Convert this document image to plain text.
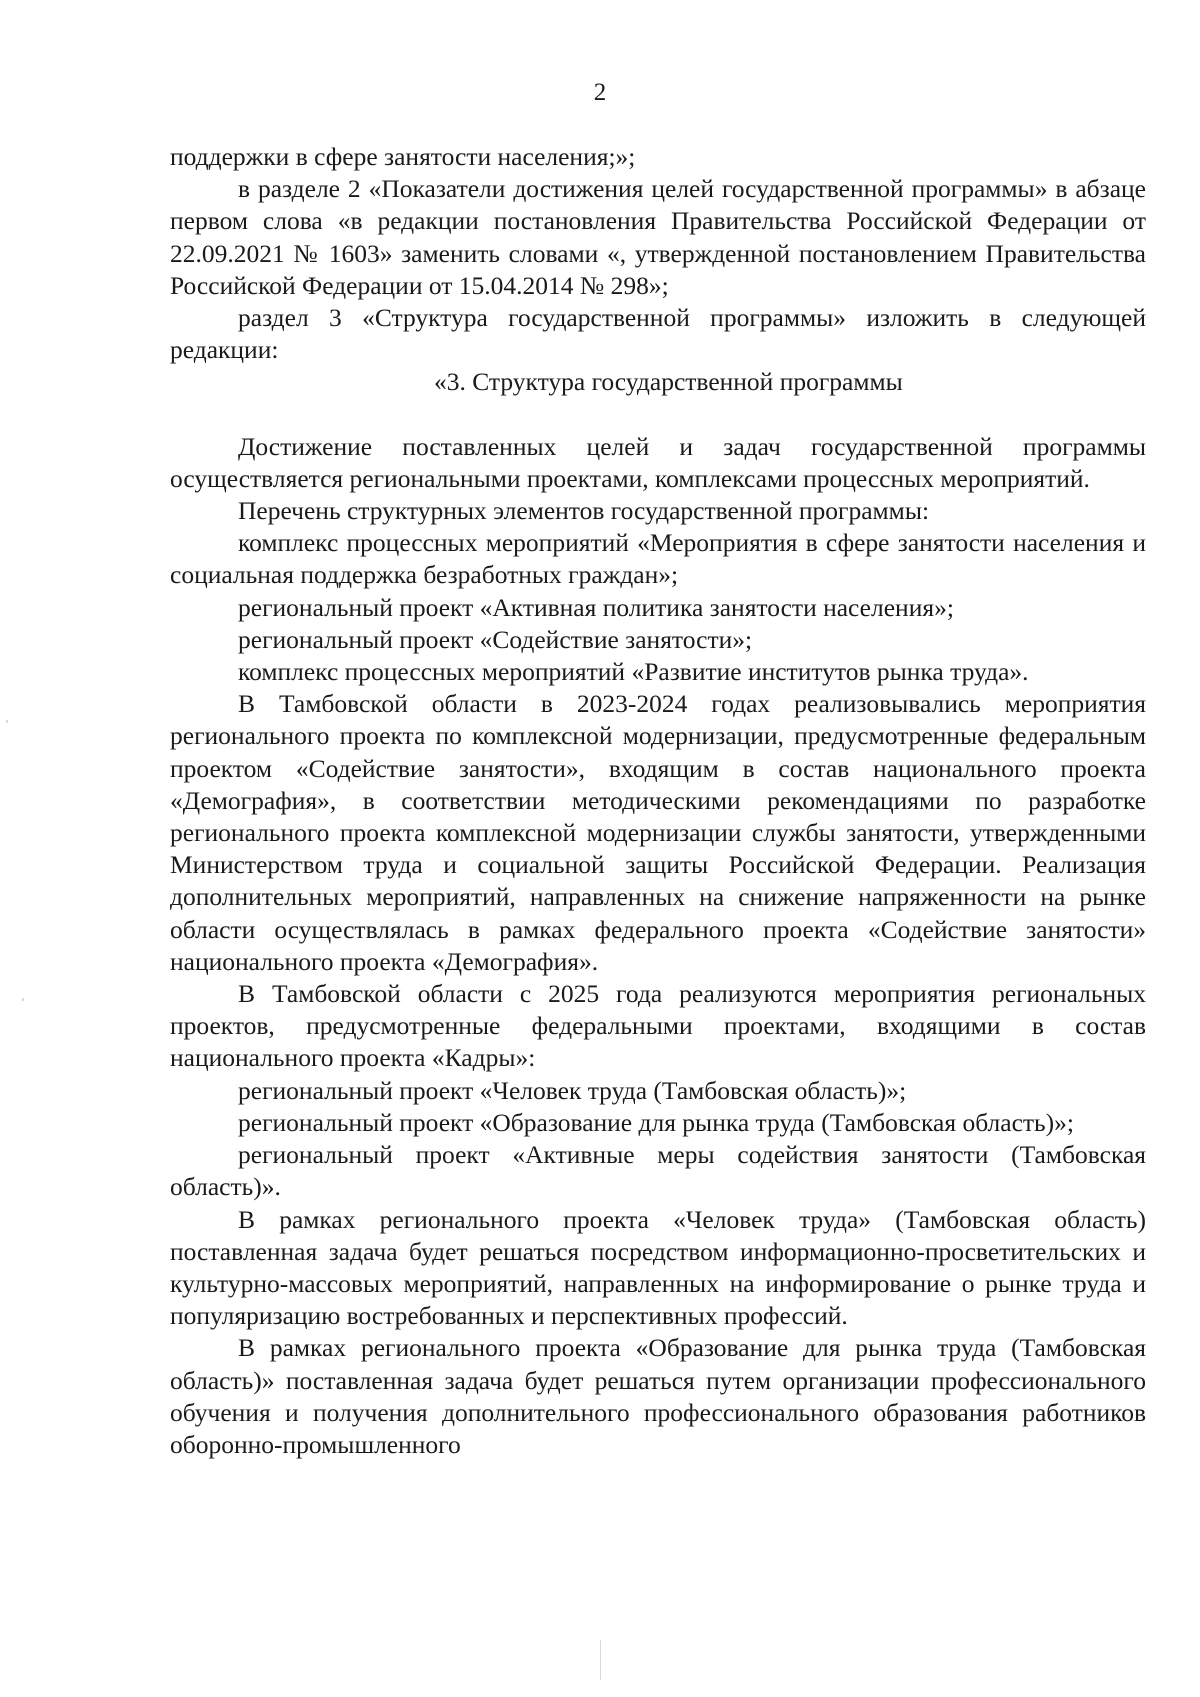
2

поддержки в сфере занятости населения;»;

в разделе 2 «Показатели достижения целей государственной программы» в абзаце первом слова «в редакции постановления Правительства Российской Федерации от 22.09.2021 № 1603» заменить словами «, утвержденной постановлением Правительства Российской Федерации от 15.04.2014 № 298»;

раздел 3 «Структура государственной программы» изложить в следующей редакции:

«3. Структура государственной программы

Достижение поставленных целей и задач государственной программы осуществляется региональными проектами, комплексами процессных мероприятий.

Перечень структурных элементов государственной программы:

комплекс процессных мероприятий «Мероприятия в сфере занятости населения и социальная поддержка безработных граждан»;

региональный проект «Активная политика занятости населения»;

региональный проект «Содействие занятости»;

комплекс процессных мероприятий «Развитие институтов рынка труда».

В Тамбовской области в 2023-2024 годах реализовывались мероприятия регионального проекта по комплексной модернизации, предусмотренные федеральным проектом «Содействие занятости», входящим в состав национального проекта «Демография», в соответствии методическими рекомендациями по разработке регионального проекта комплексной модернизации службы занятости, утвержденными Министерством труда и социальной защиты Российской Федерации. Реализация дополнительных мероприятий, направленных на снижение напряженности на рынке области осуществлялась в рамках федерального проекта «Содействие занятости» национального проекта «Демография».

В Тамбовской области с 2025 года реализуются мероприятия региональных проектов, предусмотренные федеральными проектами, входящими в состав национального проекта «Кадры»:

региональный проект «Человек труда (Тамбовская область)»;

региональный проект «Образование для рынка труда (Тамбовская область)»;

региональный проект «Активные меры содействия занятости (Тамбовская область)».

В рамках регионального проекта «Человек труда» (Тамбовская область) поставленная задача будет решаться посредством информационно-просветительских и культурно-массовых мероприятий, направленных на информирование о рынке труда и популяризацию востребованных и перспективных профессий.

В рамках регионального проекта «Образование для рынка труда (Тамбовская область)» поставленная задача будет решаться путем организации профессионального обучения и получения дополнительного профессионального образования работников оборонно-промышленного
